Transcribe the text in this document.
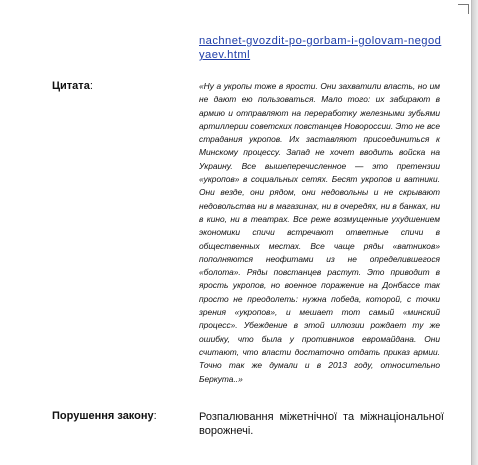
nachnet-gvozdit-po-gorbam-i-golovam-negodyaev.html
Цитата:	«Ну а укропы тоже в ярости. Они захватили власть, но им не дают ею пользоваться. Мало того: их забирают в армию и отправляют на переработку железными зубьями артиллерии советских повстанцев Новороссии. Это не все страдания укропов. Их заставляют присоединиться к Минскому процессу. Запад не хочет вводить войска на Украину. Все вышеперечисленное — это претензии «укропов» в социальных сетях. Бесят укропов и ватники. Они везде, они рядом, они недовольны и не скрывают недовольства ни в магазинах, ни в очередях, ни в банках, ни в кино, ни в театрах. Все реже возмущенные ухудшением экономики спичи встречают ответные спичи в общественных местах. Все чаще ряды «ватников» пополняются неофитами из не определившегося «болота». Ряды повстанцев растут. Это приводит в ярость укропов, но военное поражение на Донбассе так просто не преодолеть: нужна победа, которой, с точки зрения «укропов», и мешает тот самый «минский процесс». Убеждение в этой иллюзии рождает ту же ошибку, что была у противников евромайдана. Они считают, что власти достаточно отдать приказ армии. Точно так же думали и в 2013 году, относительно Беркута..»
Порушення закону:	Розпалювання міжетнічної та міжнаціональної ворожнечі.
